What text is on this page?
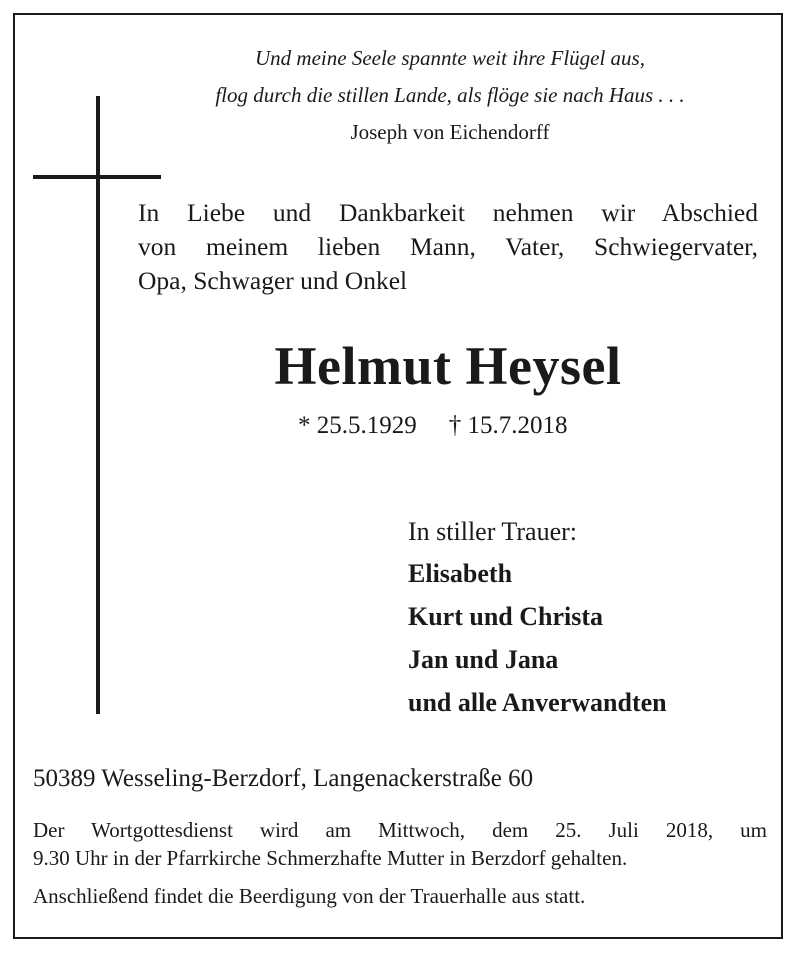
Und meine Seele spannte weit ihre Flügel aus,
flog durch die stillen Lande, als flöge sie nach Haus . . .
Joseph von Eichendorff
In Liebe und Dankbarkeit nehmen wir Abschied
von meinem lieben Mann, Vater, Schwiegervater,
Opa, Schwager und Onkel
Helmut Heysel
* 25.5.1929 † 15.7.2018
In stiller Trauer:
Elisabeth
Kurt und Christa
Jan und Jana
und alle Anverwandten
50389 Wesseling-Berzdorf, Langenackerstraße 60
Der Wortgottesdienst wird am Mittwoch, dem 25. Juli 2018, um
9.30 Uhr in der Pfarrkirche Schmerzhafte Mutter in Berzdorf gehalten.
Anschließend findet die Beerdigung von der Trauerhalle aus statt.
